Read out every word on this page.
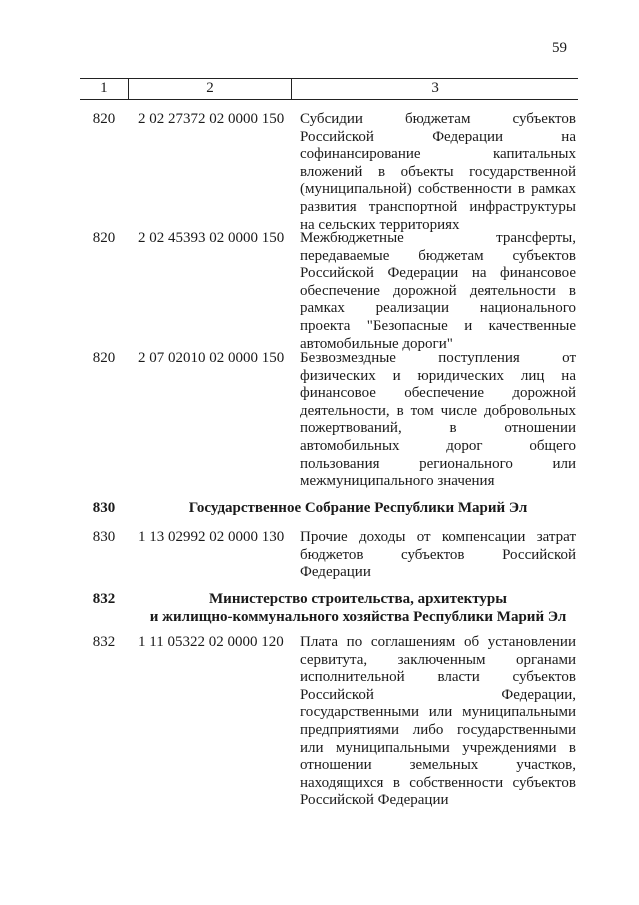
59
1	2	3
820	2 02 27372 02 0000 150	Субсидии бюджетам субъектов
Российской Федерации на
софинансирование капитальных
вложений в объекты государственной
(муниципальной) собственности в рамках
развития транспортной инфраструктуры
на сельских территориях
820	2 02 45393 02 0000 150	Межбюджетные трансферты,
передаваемые бюджетам субъектов
Российской Федерации на финансовое
обеспечение дорожной деятельности в
рамках реализации национального
проекта "Безопасные и качественные
автомобильные дороги"
820	2 07 02010 02 0000 150	Безвозмездные поступления от
физических и юридических лиц на
финансовое обеспечение дорожной
деятельности, в том числе добровольных
пожертвований, в отношении
автомобильных дорог общего
пользования регионального или
межмуниципального значения
830	Государственное Собрание Республики Марий Эл
830	1 13 02992 02 0000 130	Прочие доходы от компенсации затрат
бюджетов субъектов Российской
Федерации
832	Министерство строительства, архитектуры
и жилищно-коммунального хозяйства Республики Марий Эл
832	1 11 05322 02 0000 120	Плата по соглашениям об установлении
сервитута, заключенным органами
исполнительной власти субъектов
Российской Федерации,
государственными или муниципальными
предприятиями либо государственными
или муниципальными учреждениями в
отношении земельных участков,
находящихся в собственности субъектов
Российской Федерации
